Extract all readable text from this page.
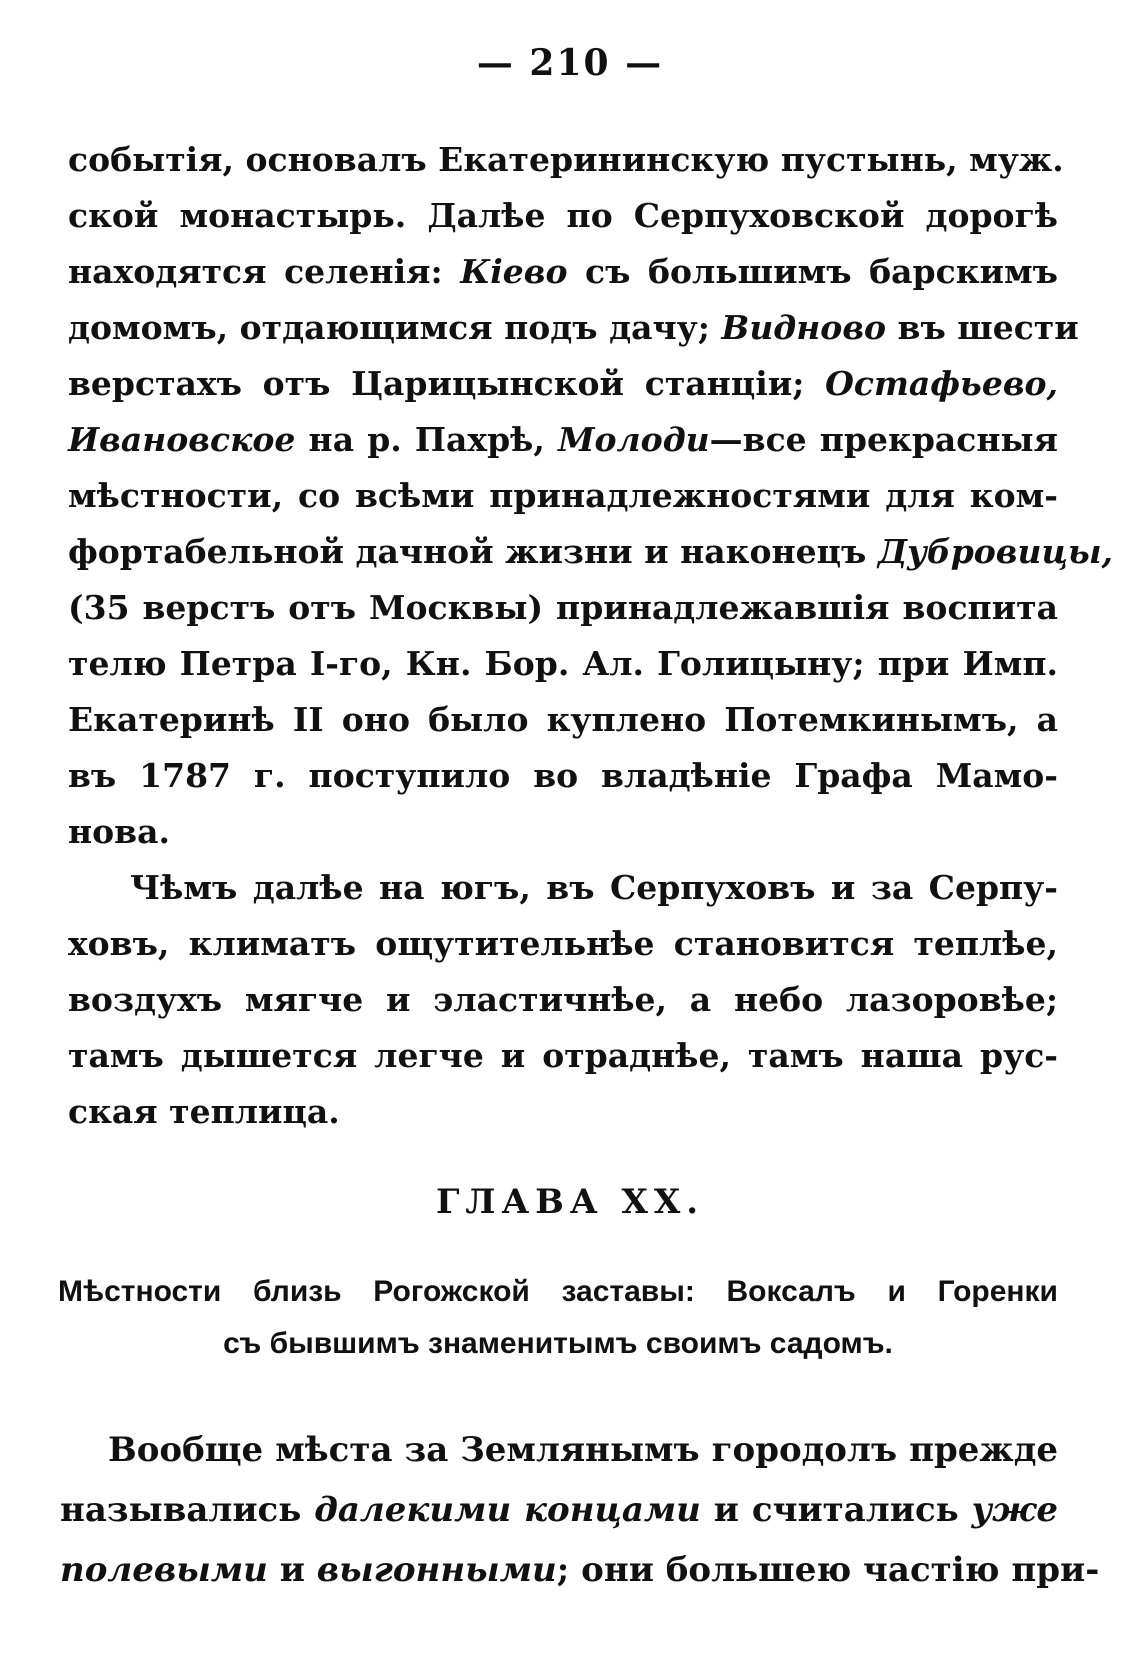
— 210 —
событія, основалъ Екатерининскую пустынь, муж.
ской монастырь. Далѣе по Серпуховской дорогѣ
находятся селенія: Кіево съ большимъ барскимъ
домомъ, отдающимся подъ дачу; Видново въ шести
верстахъ отъ Царицынской станціи; Остафьево,
Ивановское на р. Пахрѣ, Молоди—все прекрасныя
мѣстности, со всѣми принадлежностями для ком-
фортабельной дачной жизни и наконецъ Дубровицы,
(35 верстъ отъ Москвы) принадлежавшія воспита
телю Петра I-го, Кн. Бор. Ал. Голицыну; при Имп.
Екатеринѣ II оно было куплено Потемкинымъ, а
въ 1787 г. поступило во владѣніе Графа Мамо-
нова.
Чѣмъ далѣе на югъ, въ Серпуховъ и за Серпу-
ховъ, климатъ ощутительнѣе становится теплѣе,
воздухъ мягче и эластичнѣе, а небо лазоровѣе;
тамъ дышется легче и отраднѣе, тамъ наша рус-
ская теплица.
ГЛАВА XX.
Мѣстности близь Рогожской заставы: Воксалъ и Горенки
съ бывшимъ знаменитымъ своимъ садомъ.
Вообще мѣста за Землянымъ городолъ прежде
назывались далекими концами и считались уже
полевыми и выгонными; они большею частію при-
